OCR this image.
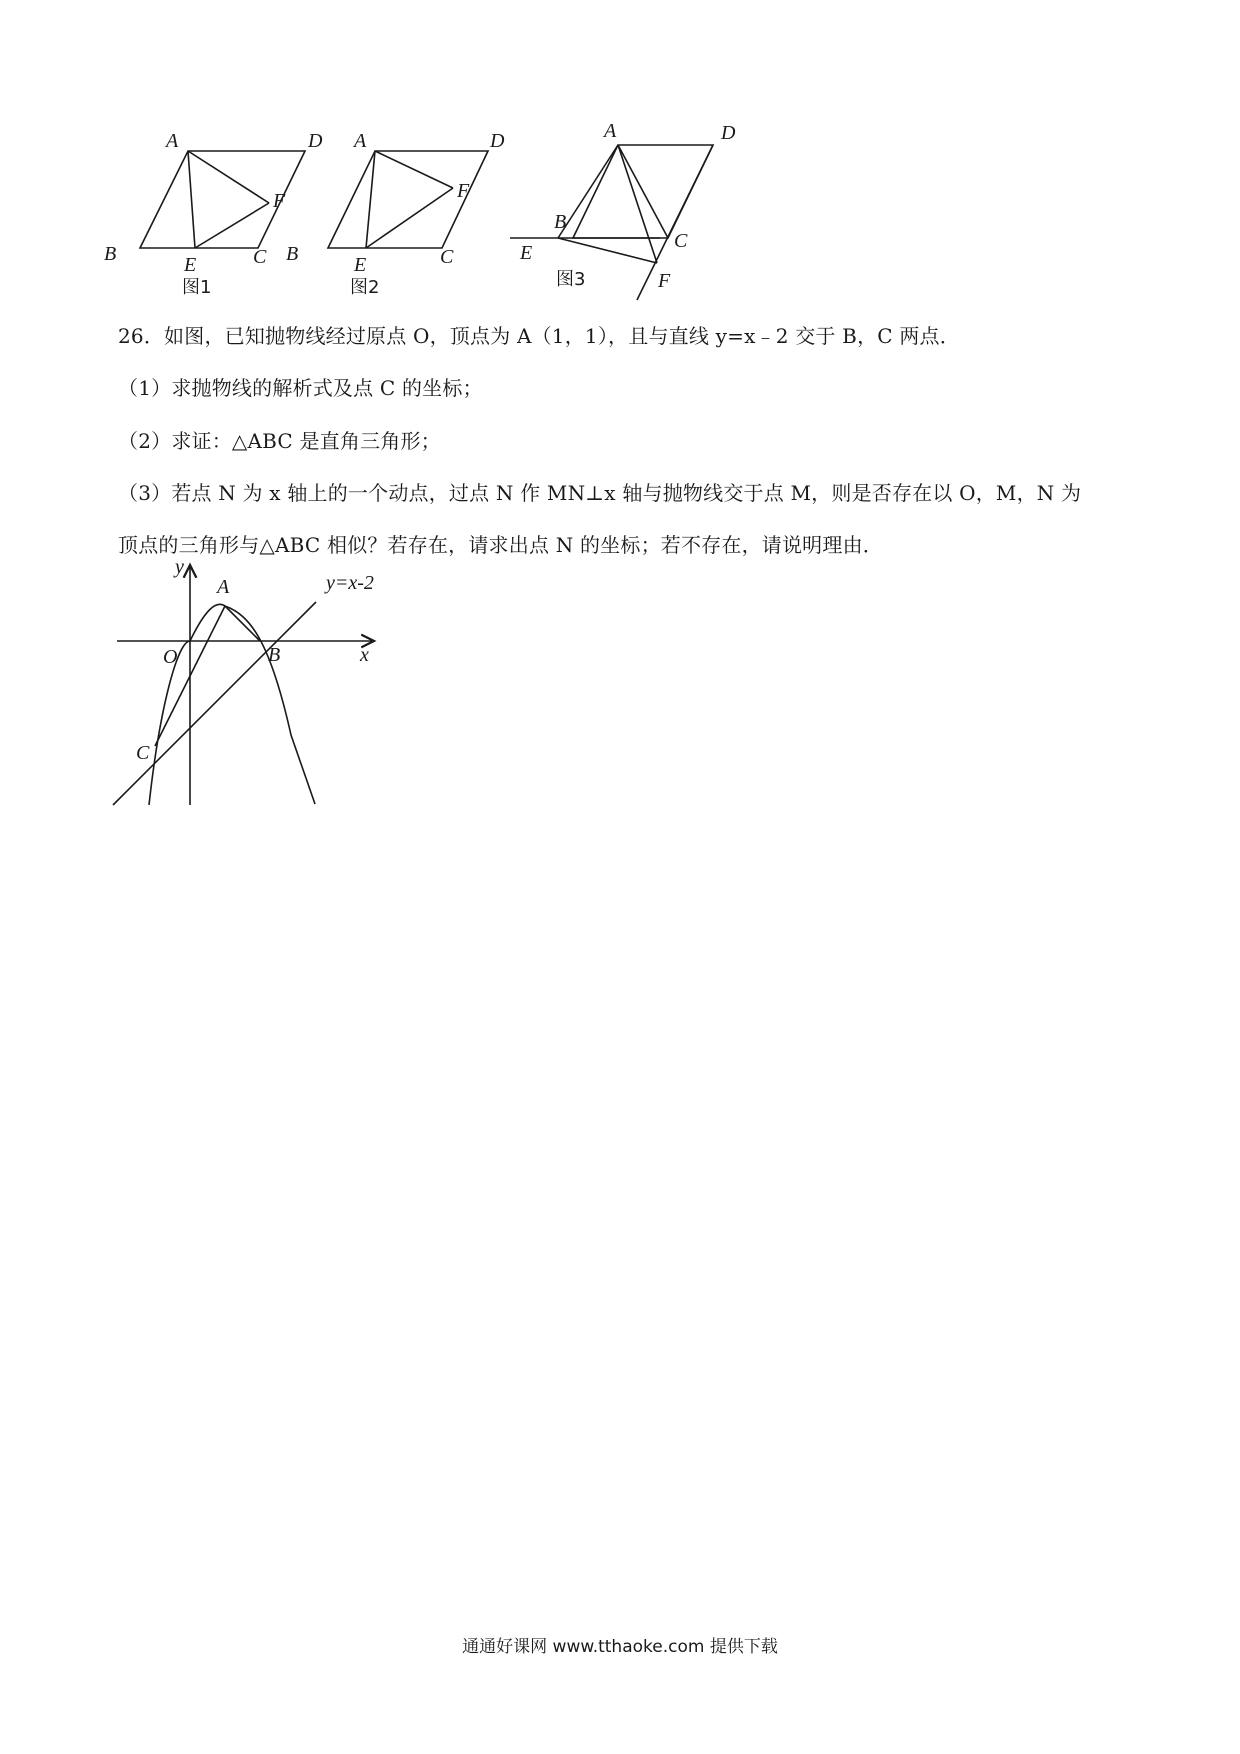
A	D
B	E	C
F
图1
A	D
B	E	C
F
图2
A	D
B
E
C
F
图3
26．如图，已知抛物线经过原点 O，顶点为 A（1，1），且与直线 y=x﹣2 交于 B，C 两点．
（1）求抛物线的解析式及点 C 的坐标；
（2）求证：△ABC 是直角三角形；
（3）若点 N 为 x 轴上的一个动点，过点 N 作 MN⊥x 轴与抛物线交于点 M，则是否存在以 O，M，N 为
顶点的三角形与△ABC 相似？若存在，请求出点 N 的坐标；若不存在，请说明理由．
y
x
O
A
B
C
y=x-2
通通好课网 www.tthaoke.com 提供下载
